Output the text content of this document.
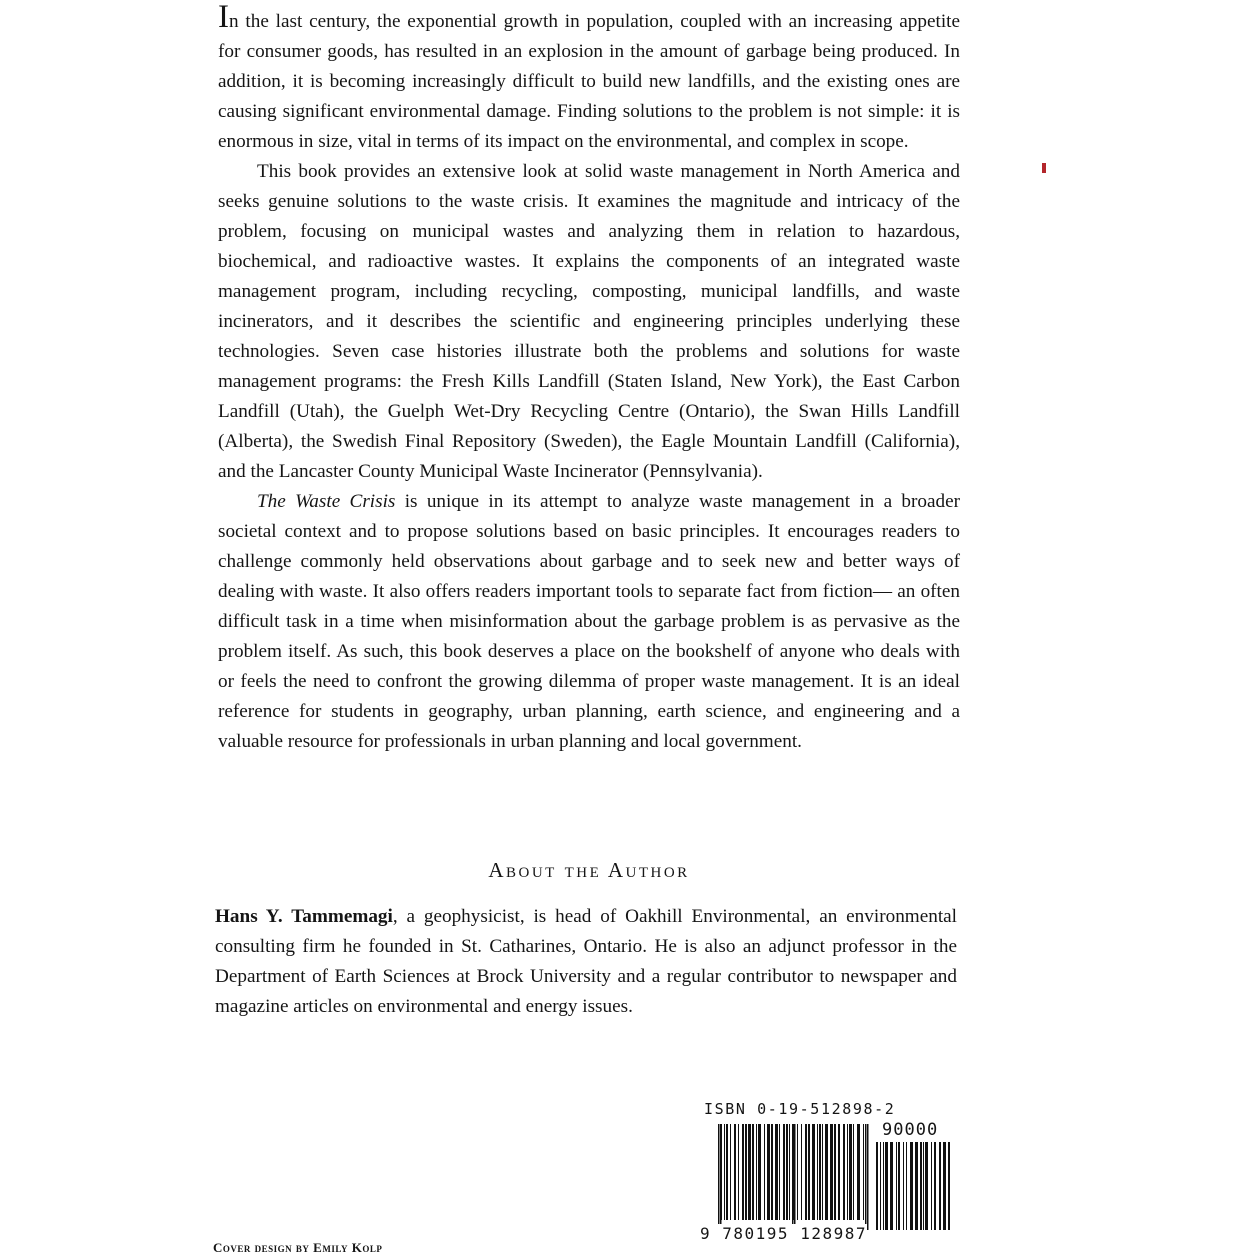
In the last century, the exponential growth in population, coupled with an increasing appetite for consumer goods, has resulted in an explosion in the amount of garbage being produced. In addition, it is becoming increasingly difficult to build new landfills, and the existing ones are causing significant environmental damage. Finding solutions to the problem is not simple: it is enormous in size, vital in terms of its impact on the environmental, and complex in scope.

This book provides an extensive look at solid waste management in North America and seeks genuine solutions to the waste crisis. It examines the magnitude and intricacy of the problem, focusing on municipal wastes and analyzing them in relation to hazardous, biochemical, and radioactive wastes. It explains the components of an integrated waste management program, including recycling, composting, municipal landfills, and waste incinerators, and it describes the scientific and engineering principles underlying these technologies. Seven case histories illustrate both the problems and solutions for waste management programs: the Fresh Kills Landfill (Staten Island, New York), the East Carbon Landfill (Utah), the Guelph Wet-Dry Recycling Centre (Ontario), the Swan Hills Landfill (Alberta), the Swedish Final Repository (Sweden), the Eagle Mountain Landfill (California), and the Lancaster County Municipal Waste Incinerator (Pennsylvania).

The Waste Crisis is unique in its attempt to analyze waste management in a broader societal context and to propose solutions based on basic principles. It encourages readers to challenge commonly held observations about garbage and to seek new and better ways of dealing with waste. It also offers readers important tools to separate fact from fiction— an often difficult task in a time when misinformation about the garbage problem is as pervasive as the problem itself. As such, this book deserves a place on the bookshelf of anyone who deals with or feels the need to confront the growing dilemma of proper waste management. It is an ideal reference for students in geography, urban planning, earth science, and engineering and a valuable resource for professionals in urban planning and local government.

About the Author
Hans Y. Tammemagi, a geophysicist, is head of Oakhill Environmental, an environmental consulting firm he founded in St. Catharines, Ontario. He is also an adjunct professor in the Department of Earth Sciences at Brock University and a regular contributor to newspaper and magazine articles on environmental and energy issues.
ISBN 0-19-512898-2
90000
9 780195 128987
Cover design by Emily Kolp
